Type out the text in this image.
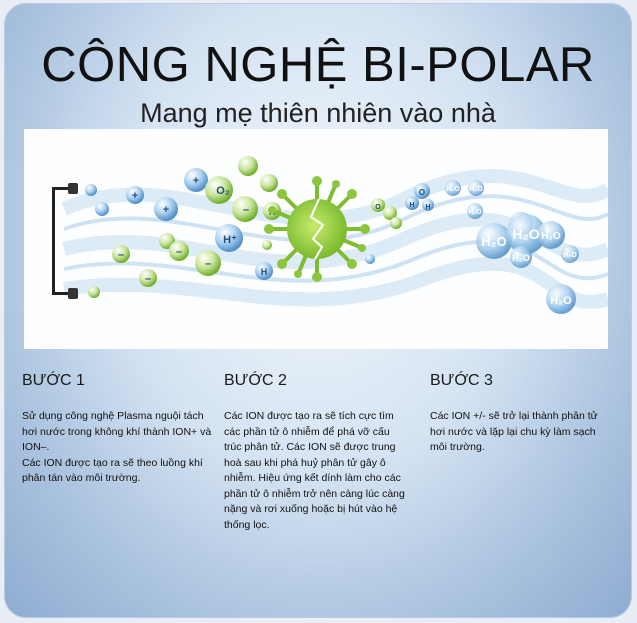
CÔNG NGHỆ BI-POLAR
Mang mẹ thiên nhiên vào nhà
O₂
H⁺
+
+
+
–
–
–
–
–
H
O
H H
O
H₂O H₂O
H₂O
H₂O H₂O H₂O
H₂O	H₂O
H₂O
BƯỚC 1

Sử dụng công nghệ Plasma nguội tách hơi nước trong không khí thành ION+ và ION–.

Các ION được tạo ra sẽ theo luồng khí phân tán vào môi trường.

BƯỚC 2

Các ION được tạo ra sẽ tích cực tìm các phần tử ô nhiễm để phá vỡ cấu trúc phân tử. Các ION sẽ được trung hoà sau khi phá huỷ phân tử gây ô nhiễm. Hiệu ứng kết dính làm cho các phần tử ô nhiễm trở nên càng lúc càng nặng và rơi xuống hoặc bị hút vào hệ thống lọc.

BƯỚC 3

Các ION +/- sẽ trở lại thành phân tử hơi nước và lặp lại chu kỳ làm sạch môi trường.
